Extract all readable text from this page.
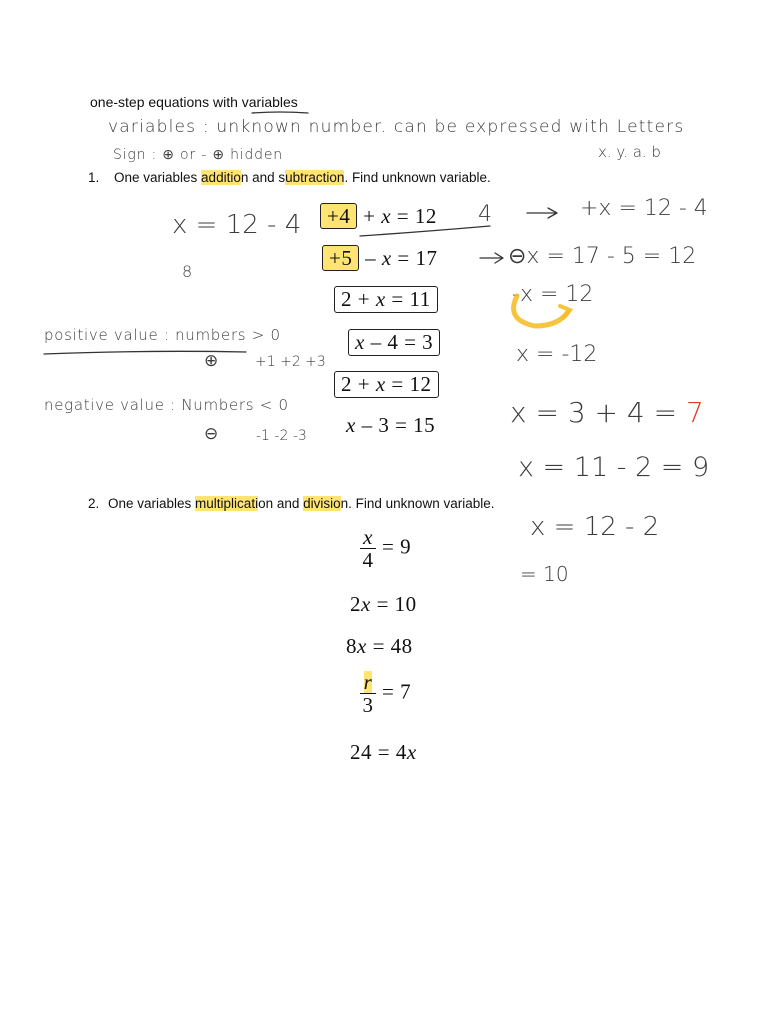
one-step equations with variables
variables : unknown number. can be expressed with Letters
x. y. a. b
Sign : ⊕ or - ⊕ hidden
1. One variables addition and subtraction. Find unknown variable.
+4 + x = 12
+5 – x = 17
2 + x = 11
x – 4 = 3
2 + x = 12
x – 3 = 15
x = 12 - 4
8
4	+x = 12 - 4
⊖x = 17 - 5 = 12
-x = 12
x = -12
positive value : numbers > 0
⊕	+1 +2 +3
negative value : Numbers < 0
⊖	-1 -2 -3
x = 3 + 4 = 7
x = 11 - 2 = 9
x = 12 - 2
= 10
2. One variables multiplication and division. Find unknown variable.
$\frac{x}{4} = 9$
2x = 10
8x = 48
$\frac{r}{3} = 7$
24 = 4x
